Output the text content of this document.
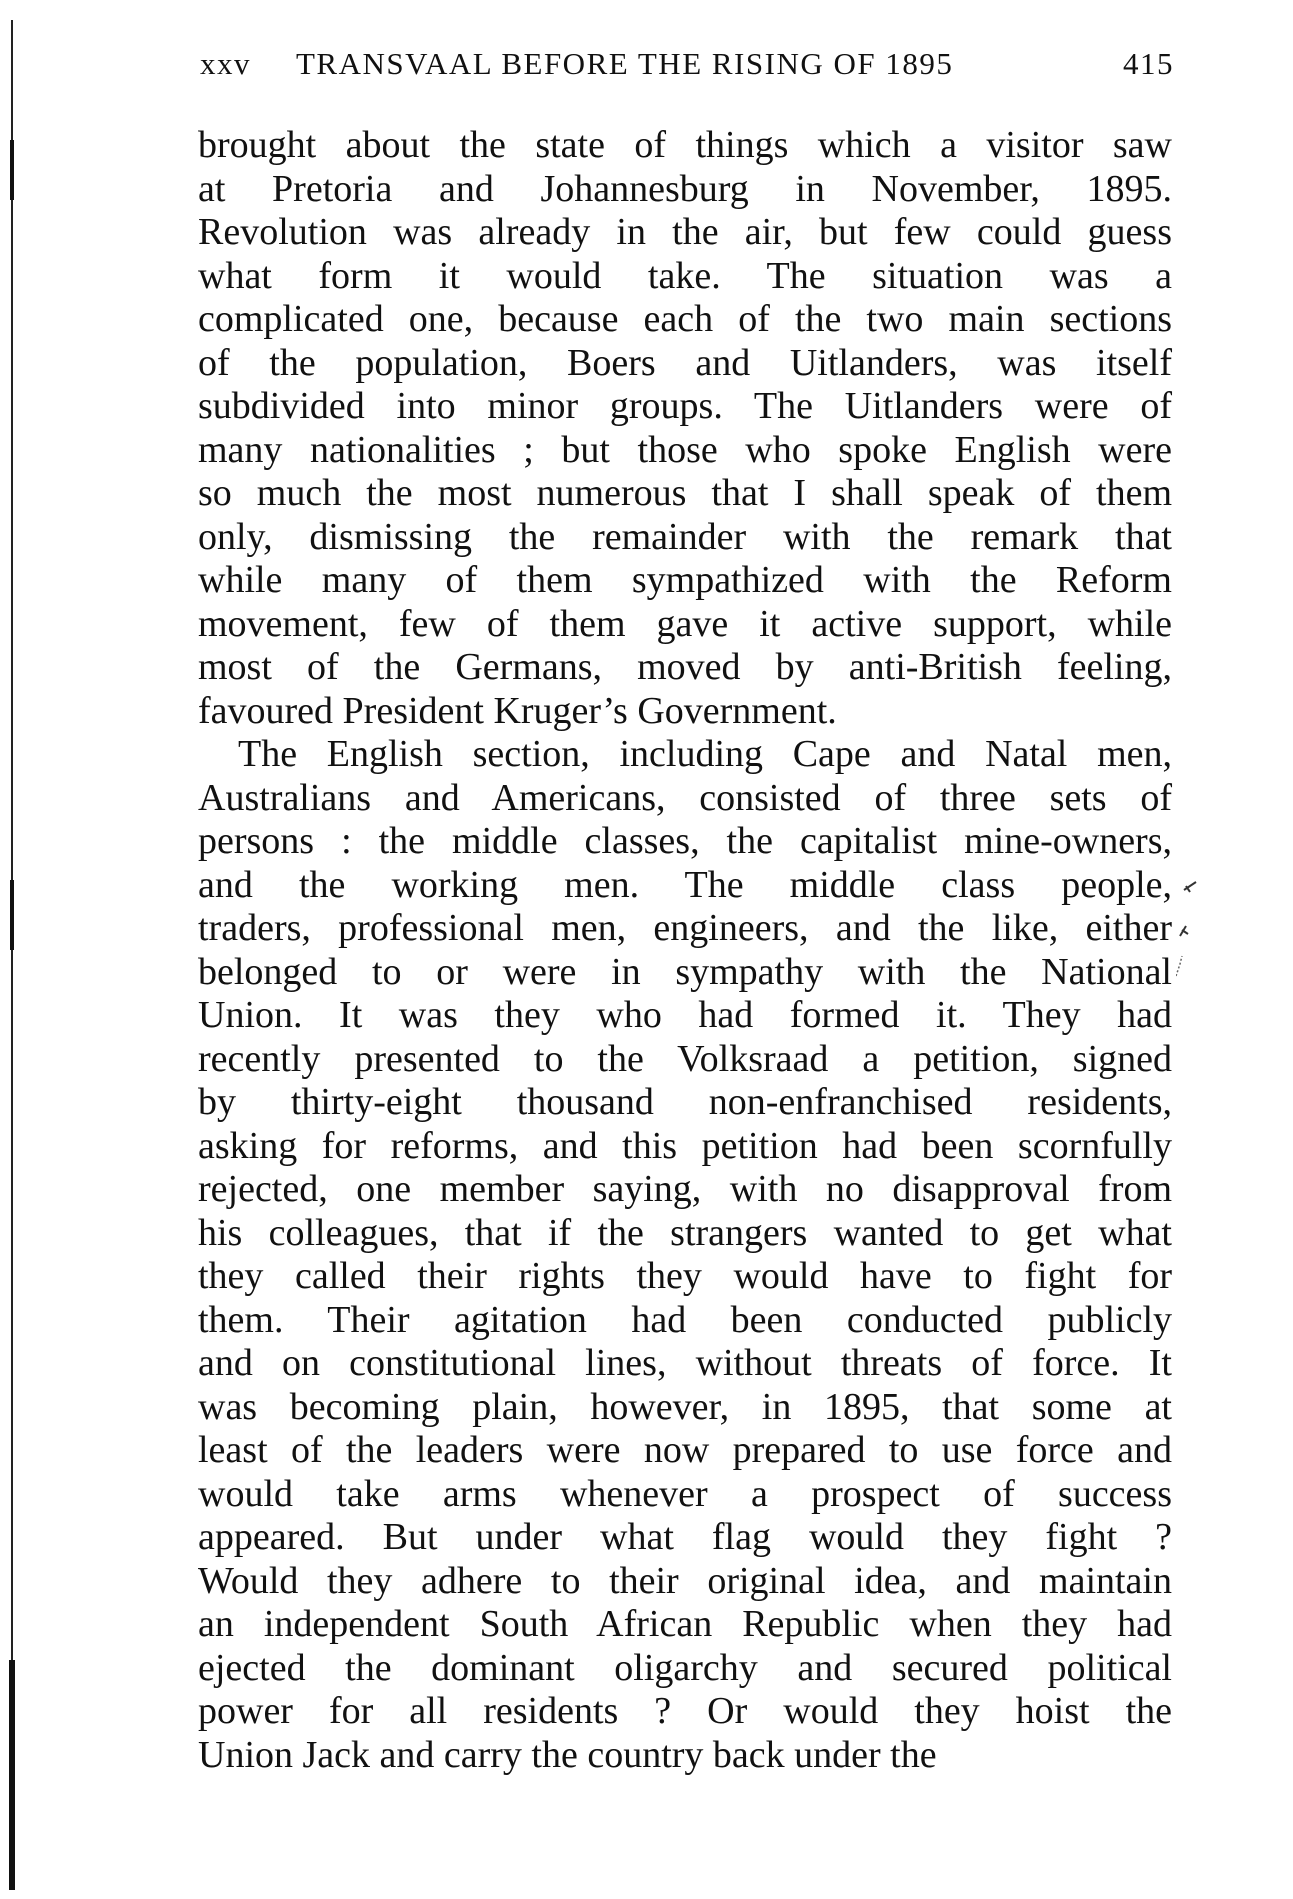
xxv TRANSVAAL BEFORE THE RISING OF 1895	415
brought about the state of things which a visitor saw
at Pretoria and Johannesburg in November, 1895.
Revolution was already in the air, but few could guess
what form it would take. The situation was a
complicated one, because each of the two main sections
of the population, Boers and Uitlanders, was itself
subdivided into minor groups. The Uitlanders were of
many nationalities ; but those who spoke English were
so much the most numerous that I shall speak of them
only, dismissing the remainder with the remark that
while many of them sympathized with the Reform
movement, few of them gave it active support, while
most of the Germans, moved by anti-British feeling,
favoured President Kruger’s Government.
The English section, including Cape and Natal men,
Australians and Americans, consisted of three sets of
persons : the middle classes, the capitalist mine-owners,
and the working men. The middle class people,
traders, professional men, engineers, and the like, either
belonged to or were in sympathy with the National
Union. It was they who had formed it. They had
recently presented to the Volksraad a petition, signed
by thirty-eight thousand non-enfranchised residents,
asking for reforms, and this petition had been scornfully
rejected, one member saying, with no disapproval from
his colleagues, that if the strangers wanted to get what
they called their rights they would have to fight for
them. Their agitation had been conducted publicly
and on constitutional lines, without threats of force. It
was becoming plain, however, in 1895, that some at
least of the leaders were now prepared to use force and
would take arms whenever a prospect of success
appeared. But under what flag would they fight ?
Would they adhere to their original idea, and maintain
an independent South African Republic when they had
ejected the dominant oligarchy and secured political
power for all residents ? Or would they hoist the
Union Jack and carry the country back under the
